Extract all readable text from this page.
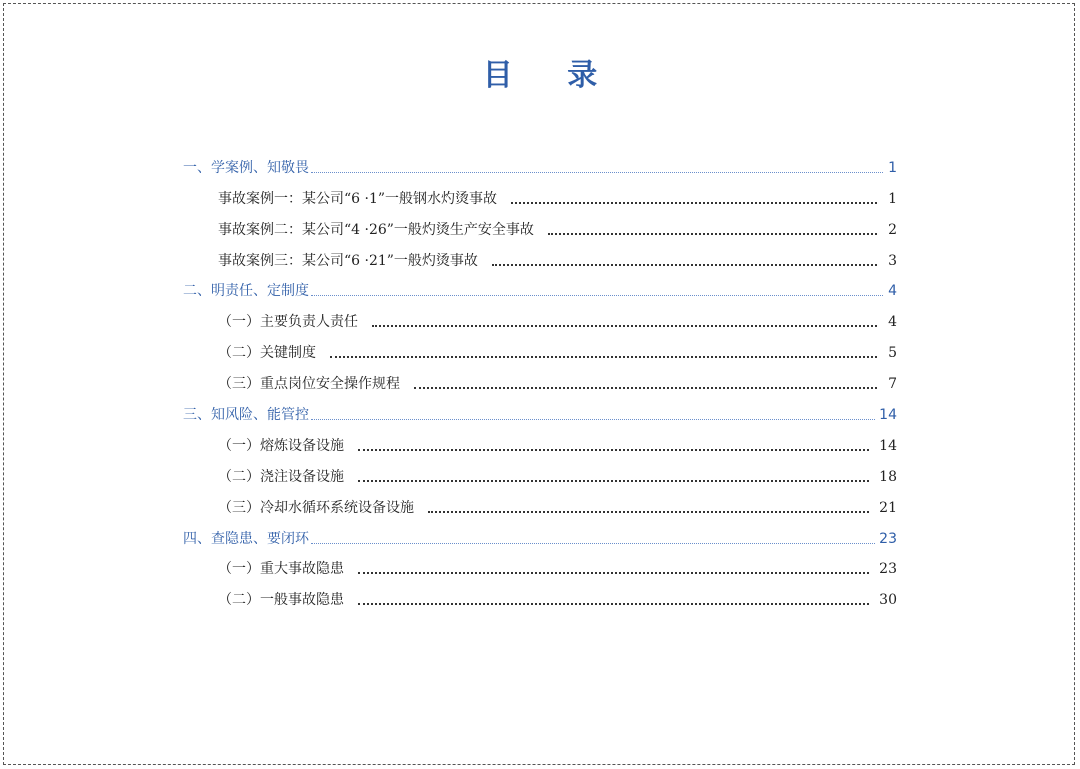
目 录
一、学案例、知敬畏	1
事故案例一：某公司“6 ·1”一般钢水灼烫事故	1
事故案例二：某公司“4 ·26”一般灼烫生产安全事故	2
事故案例三：某公司“6 ·21”一般灼烫事故	3
二、明责任、定制度	4
（一）主要负责人责任	4
（二）关键制度	5
（三）重点岗位安全操作规程	7
三、知风险、能管控	14
（一）熔炼设备设施	14
（二）浇注设备设施	18
（三）冷却水循环系统设备设施	21
四、查隐患、要闭环	23
（一）重大事故隐患	23
（二）一般事故隐患	30
